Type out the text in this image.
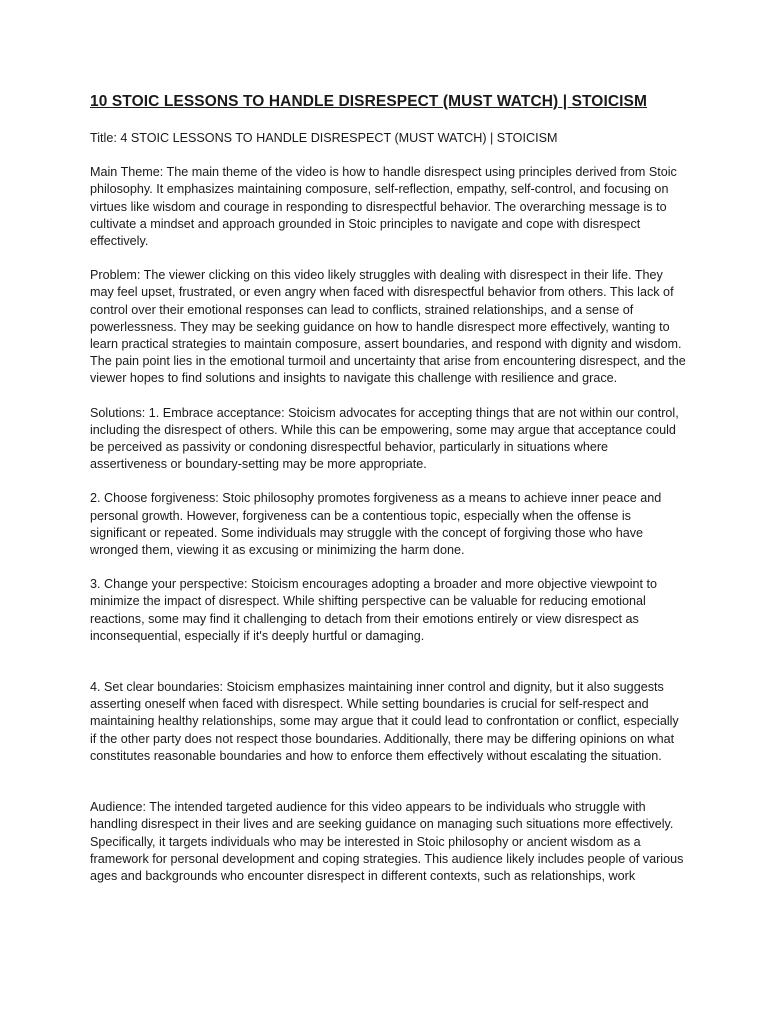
10 STOIC LESSONS TO HANDLE DISRESPECT (MUST WATCH) | STOICISM

Title: 4 STOIC LESSONS TO HANDLE DISRESPECT (MUST WATCH) | STOICISM

Main Theme: The main theme of the video is how to handle disrespect using principles derived from Stoic philosophy. It emphasizes maintaining composure, self-reflection, empathy, self-control, and focusing on virtues like wisdom and courage in responding to disrespectful behavior. The overarching message is to cultivate a mindset and approach grounded in Stoic principles to navigate and cope with disrespect effectively.

Problem: The viewer clicking on this video likely struggles with dealing with disrespect in their life. They may feel upset, frustrated, or even angry when faced with disrespectful behavior from others. This lack of control over their emotional responses can lead to conflicts, strained relationships, and a sense of powerlessness. They may be seeking guidance on how to handle disrespect more effectively, wanting to learn practical strategies to maintain composure, assert boundaries, and respond with dignity and wisdom. The pain point lies in the emotional turmoil and uncertainty that arise from encountering disrespect, and the viewer hopes to find solutions and insights to navigate this challenge with resilience and grace.

Solutions: 1. Embrace acceptance: Stoicism advocates for accepting things that are not within our control, including the disrespect of others. While this can be empowering, some may argue that acceptance could be perceived as passivity or condoning disrespectful behavior, particularly in situations where assertiveness or boundary-setting may be more appropriate.

2. Choose forgiveness: Stoic philosophy promotes forgiveness as a means to achieve inner peace and personal growth. However, forgiveness can be a contentious topic, especially when the offense is significant or repeated. Some individuals may struggle with the concept of forgiving those who have wronged them, viewing it as excusing or minimizing the harm done.

3. Change your perspective: Stoicism encourages adopting a broader and more objective viewpoint to minimize the impact of disrespect. While shifting perspective can be valuable for reducing emotional reactions, some may find it challenging to detach from their emotions entirely or view disrespect as inconsequential, especially if it's deeply hurtful or damaging.

4. Set clear boundaries: Stoicism emphasizes maintaining inner control and dignity, but it also suggests asserting oneself when faced with disrespect. While setting boundaries is crucial for self-respect and maintaining healthy relationships, some may argue that it could lead to confrontation or conflict, especially if the other party does not respect those boundaries. Additionally, there may be differing opinions on what constitutes reasonable boundaries and how to enforce them effectively without escalating the situation.

Audience: The intended targeted audience for this video appears to be individuals who struggle with handling disrespect in their lives and are seeking guidance on managing such situations more effectively. Specifically, it targets individuals who may be interested in Stoic philosophy or ancient wisdom as a framework for personal development and coping strategies. This audience likely includes people of various ages and backgrounds who encounter disrespect in different contexts, such as relationships, work
